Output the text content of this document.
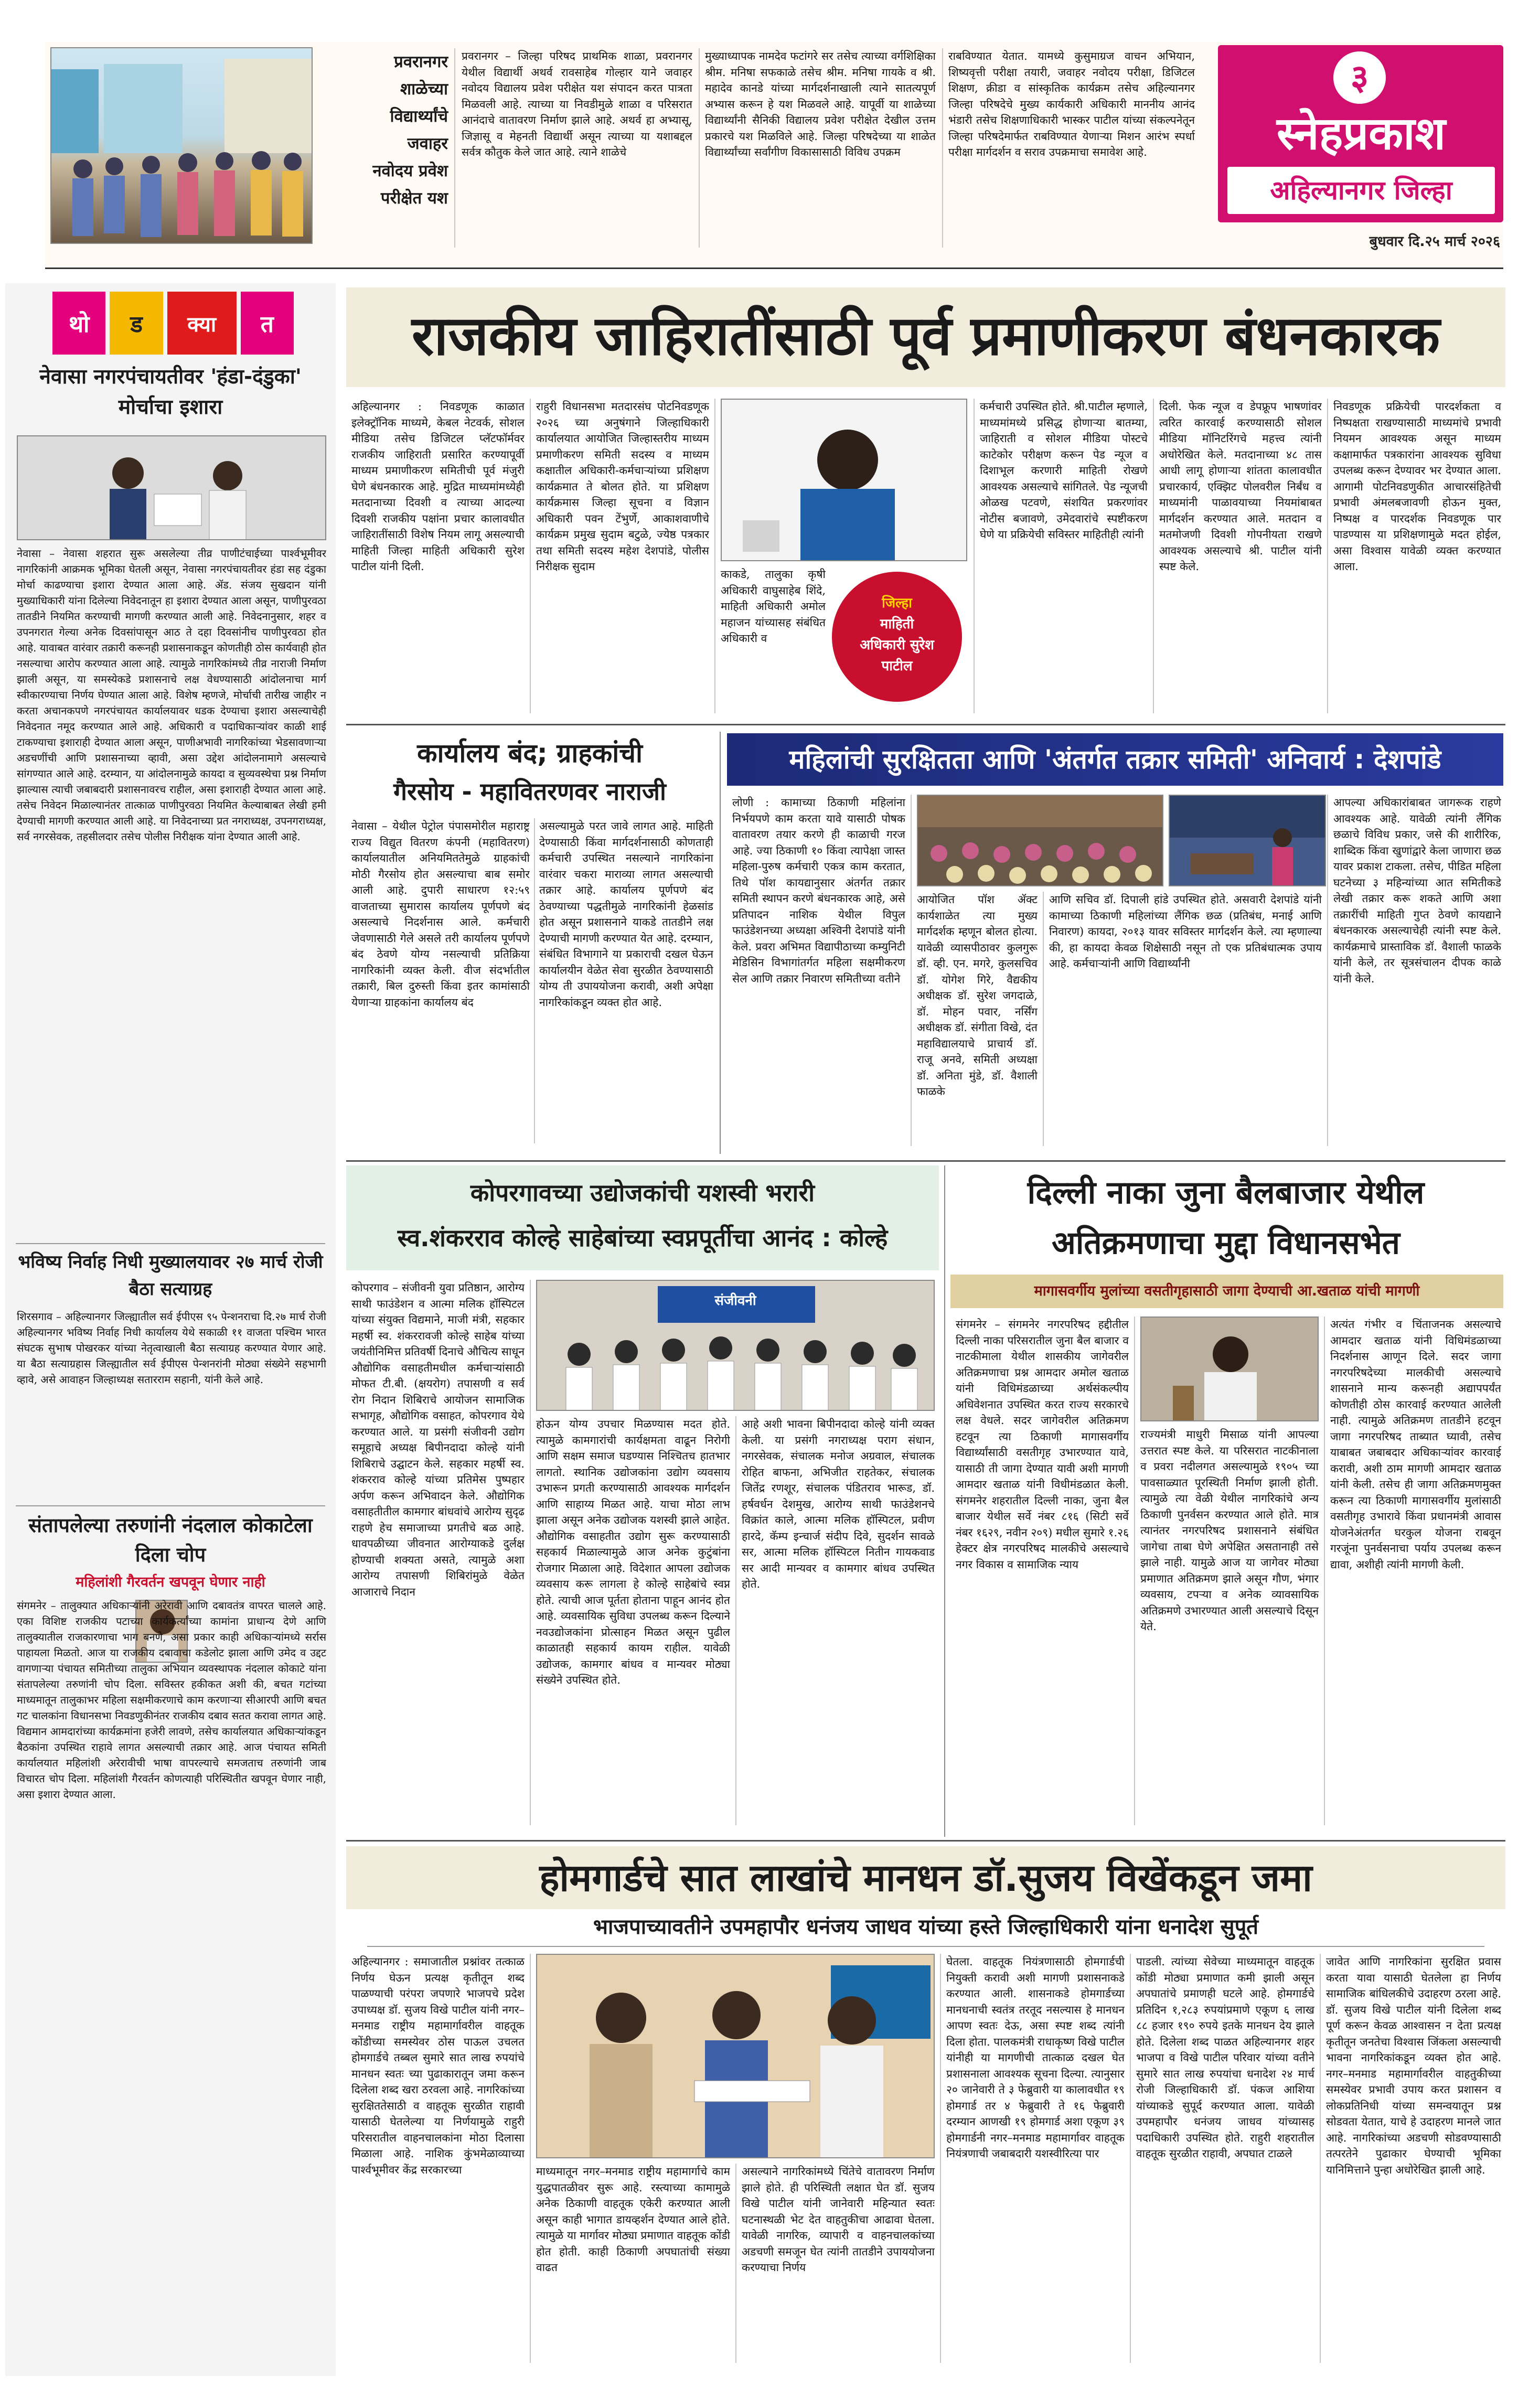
प्रवरानगर
शाळेच्या
विद्यार्थ्यांचे
जवाहर
नवोदय प्रवेश
परीक्षेत यश
प्रवरानगर – जिल्हा परिषद प्राथमिक शाळा, प्रवरानगर येथील विद्यार्थी अथर्व रावसाहेब गोल्हार याने जवाहर नवोदय विद्यालय प्रवेश परीक्षेत यश संपादन करत पात्रता मिळवली आहे. त्याच्या या निवडीमुळे शाळा व परिसरात आनंदाचे वातावरण निर्माण झाले आहे. अथर्व हा अभ्यासू, जिज्ञासू व मेहनती विद्यार्थी असून त्याच्या या यशाबद्दल सर्वत्र कौतुक केले जात आहे. त्याने शाळेचे
मुख्याध्यापक नामदेव फटांगरे सर तसेच त्याच्या वर्गशिक्षिका श्रीम. मनिषा सफकाळे तसेच श्रीम. मनिषा गायके व श्री. महादेव कानडे यांच्या मार्गदर्शनाखाली त्याने सातत्यपूर्ण अभ्यास करून हे यश मिळवले आहे. यापूर्वी या शाळेच्या विद्यार्थ्यांनी सैनिकी विद्यालय प्रवेश परीक्षेत देखील उत्तम प्रकारचे यश मिळविले आहे. जिल्हा परिषदेच्या या शाळेत विद्यार्थ्यांच्या सर्वांगीण विकासासाठी विविध उपक्रम
राबविण्यात येतात. यामध्ये कुसुमाग्रज वाचन अभियान, शिष्यवृत्ती परीक्षा तयारी, जवाहर नवोदय परीक्षा, डिजिटल शिक्षण, क्रीडा व सांस्कृतिक कार्यक्रम तसेच अहिल्यानगर जिल्हा परिषदेचे मुख्य कार्यकारी अधिकारी माननीय आनंद भंडारी तसेच शिक्षणाधिकारी भास्कर पाटील यांच्या संकल्पनेतून जिल्हा परिषदेमार्फत राबविण्यात येणाऱ्या मिशन आरंभ स्पर्धा परीक्षा मार्गदर्शन व सराव उपक्रमाचा समावेश आहे.
३
स्नेहप्रकाश
अहिल्यानगर जिल्हा
बुधवार दि.२५ मार्च २०२६
थो ड क्या त
नेवासा नगरपंचायतीवर 'हंडा-दंडुका' मोर्चाचा इशारा
नेवासा – नेवासा शहरात सुरू असलेल्या तीव्र पाणीटंचाईच्या पार्श्वभूमीवर नागरिकांनी आक्रमक भूमिका घेतली असून, नेवासा नगरपंचायतीवर हंडा सह दंडुका मोर्चा काढण्याचा इशारा देण्यात आला आहे. ॲड. संजय सुखदान यांनी मुख्याधिकारी यांना दिलेल्या निवेदनातून हा इशारा देण्यात आला असून, पाणीपुरवठा तातडीने नियमित करण्याची मागणी करण्यात आली आहे. निवेदनानुसार, शहर व उपनगरात गेल्या अनेक दिवसांपासून आठ ते दहा दिवसांनीच पाणीपुरवठा होत आहे. यावाबत वारंवार तक्रारी करूनही प्रशासनाकडून कोणतीही ठोस कार्यवाही होत नसल्याचा आरोप करण्यात आला आहे. त्यामुळे नागरिकांमध्ये तीव्र नाराजी निर्माण झाली असून, या समस्येकडे प्रशासनाचे लक्ष वेधण्यासाठी आंदोलनाचा मार्ग स्वीकारण्याचा निर्णय घेण्यात आला आहे. विशेष म्हणजे, मोर्चाची तारीख जाहीर न करता अचानकपणे नगरपंचायत कार्यालयावर धडक देण्याचा इशारा असल्याचेही निवेदनात नमूद करण्यात आले आहे. अधिकारी व पदाधिकाऱ्यांवर काळी शाई टाकण्याचा इशाराही देण्यात आला असून, पाणीअभावी नागरिकांच्या भेडसावणाऱ्या अडचणींची आणि प्रशासनाच्या व्हावी, असा उद्देश आंदोलनामागे असल्याचे सांगण्यात आले आहे. दरम्यान, या आंदोलनामुळे कायदा व सुव्यवस्थेचा प्रश्न निर्माण झाल्यास त्याची जबाबदारी प्रशासनावरच राहील, असा इशाराही देण्यात आला आहे. तसेच निवेदन मिळाल्यानंतर तात्काळ पाणीपुरवठा नियमित केल्याबाबत लेखी हमी देण्याची मागणी करण्यात आली आहे. या निवेदनाच्या प्रत नगराध्यक्ष, उपनगराध्यक्ष, सर्व नगरसेवक, तहसीलदार तसेच पोलीस निरीक्षक यांना देण्यात आली आहे.
भविष्य निर्वाह निधी मुख्यालयावर २७ मार्च रोजी बैठा सत्याग्रह
शिरसगाव – अहिल्यानगर जिल्ह्यातील सर्व ईपीएस ९५ पेन्शनराचा दि.२७ मार्च रोजी अहिल्यानगर भविष्य निर्वाह निधी कार्यालय येथे सकाळी ११ वाजता पश्चिम भारत संघटक सुभाष पोखरकर यांच्या नेतृत्वाखाली बैठा सत्याग्रह करण्यात येणार आहे. या बैठा सत्याग्रहास जिल्ह्यातील सर्व ईपीएस पेन्शनरांनी मोठ्या संख्येने सहभागी व्हावे, असे आवाहन जिल्हाध्यक्ष सतारराम सहानी, यांनी केले आहे.
संतापलेल्या तरुणांनी नंदलाल कोकाटेला दिला चोप
महिलांशी गैरवर्तन खपवून घेणार नाही
संगमनेर – तालुक्यात अधिकाऱ्यांनी अरेरावी आणि दबावतंत्र वापरत चालले आहे. एका विशिष्ट राजकीय पटाच्या कार्यकर्त्यांच्या कामांना प्राधान्य देणे आणि तालुक्यातील राजकारणाचा भाग बनणे, असा प्रकार काही अधिकाऱ्यांमध्ये सर्रास पाहायला मिळतो. आज या राजकीय दबावाचा कडेलोट झाला आणि उमेद व उद्दट वागणाऱ्या पंचायत समितीच्या तालुका अभियान व्यवस्थापक नंदलाल कोकाटे यांना संतापलेल्या तरुणांनी चोप दिला. सविस्तर हकीकत अशी की, बचत गटांच्या माध्यमातून तालुकाभर महिला सक्षमीकरणाचे काम करणाऱ्या सीआरपी आणि बचत गट चालकांना विधानसभा निवडणुकीनंतर राजकीय दबाव सतत करावा लागत आहे. विद्यमान आमदारांच्या कार्यक्रमांना हजेरी लावणे, तसेच कार्यालयात अधिकाऱ्यांकडून बैठकांना उपस्थित राहावे लागत असल्याची तक्रार आहे. आज पंचायत समिती कार्यालयात महिलांशी अरेरावीची भाषा वापरल्याचे समजताच तरुणांनी जाब विचारत चोप दिला. महिलांशी गैरवर्तन कोणत्याही परिस्थितीत खपवून घेणार नाही, असा इशारा देण्यात आला.
राजकीय जाहिरातींसाठी पूर्व प्रमाणीकरण बंधनकारक
अहिल्यानगर : निवडणूक काळात इलेक्ट्रॉनिक माध्यमे, केबल नेटवर्क, सोशल मीडिया तसेच डिजिटल प्लॅटफॉर्मवर राजकीय जाहिराती प्रसारित करण्यापूर्वी माध्यम प्रमाणीकरण समितीची पूर्व मंजुरी घेणे बंधनकारक आहे. मुद्रित माध्यमांमध्येही मतदानाच्या दिवशी व त्याच्या आदल्या दिवशी राजकीय पक्षांना प्रचार कालावधीत जाहिरातींसाठी विशेष नियम लागू असल्याची माहिती जिल्हा माहिती अधिकारी सुरेश पाटील यांनी दिली.
राहुरी विधानसभा मतदारसंघ पोटनिवडणूक २०२६ च्या अनुषंगाने जिल्हाधिकारी कार्यालयात आयोजित जिल्हास्तरीय माध्यम प्रमाणीकरण समिती सदस्य व माध्यम कक्षातील अधिकारी-कर्मचाऱ्यांच्या प्रशिक्षण कार्यक्रमात ते बोलत होते. या प्रशिक्षण कार्यक्रमास जिल्हा सूचना व विज्ञान अधिकारी पवन टेंभुर्णे, आकाशवाणीचे कार्यक्रम प्रमुख सुदाम बटुळे, ज्येष्ठ पत्रकार तथा समिती सदस्य महेश देशपांडे, पोलीस निरीक्षक सुदाम
काकडे, तालुका कृषी अधिकारी वाघुसाहेब शिंदे, माहिती अधिकारी अमोल महाजन यांच्यासह संबंधित अधिकारी व
जिल्हा
माहिती
अधिकारी सुरेश
पाटील
कर्मचारी उपस्थित होते. श्री.पाटील म्हणाले, माध्यमांमध्ये प्रसिद्ध होणाऱ्या बातम्या, जाहिराती व सोशल मीडिया पोस्टचे काटेकोर परीक्षण करून पेड न्यूज व दिशाभूल करणारी माहिती रोखणे आवश्यक असल्याचे सांगितले. पेड न्यूजची ओळख पटवणे, संशयित प्रकरणांवर नोटीस बजावणे, उमेदवारांचे स्पष्टीकरण घेणे या प्रक्रियेची सविस्तर माहितीही त्यांनी
दिली. फेक न्यूज व डेपफ्रूप भाषणांवर त्वरित कारवाई करण्यासाठी सोशल मीडिया मॉनिटरिंगचे महत्त्व त्यांनी अधोरेखित केले. मतदानाच्या ४८ तास आधी लागू होणाऱ्या शांतता कालावधीत प्रचारकार्य, एक्झिट पोलवरील निर्बंध व माध्यमांनी पाळावयाच्या नियमांबाबत मार्गदर्शन करण्यात आले. मतदान व मतमोजणी दिवशी गोपनीयता राखणे आवश्यक असल्याचे श्री. पाटील यांनी स्पष्ट केले.
निवडणूक प्रक्रियेची पारदर्शकता व निष्पक्षता राखण्यासाठी माध्यमांचे प्रभावी नियमन आवश्यक असून माध्यम कक्षामार्फत पत्रकारांना आवश्यक सुविधा उपलब्ध करून देण्यावर भर देण्यात आला. आगामी पोटनिवडणुकीत आचारसंहितेची प्रभावी अंमलबजावणी होऊन मुक्त, निष्पक्ष व पारदर्शक निवडणूक पार पाडण्यास या प्रशिक्षणामुळे मदत होईल, असा विश्वास यावेळी व्यक्त करण्यात आला.
कार्यालय बंद; ग्राहकांची
गैरसोय - महावितरणवर नाराजी
नेवासा – येथील पेट्रोल पंपासमोरील महाराष्ट्र राज्य विद्युत वितरण कंपनी (महावितरण) कार्यालयातील अनियमिततेमुळे ग्राहकांची मोठी गैरसोय होत असल्याचा बाब समोर आली आहे. दुपारी साधारण १२:५९ वाजताच्या सुमारास कार्यालय पूर्णपणे बंद असल्याचे निदर्शनास आले. कर्मचारी जेवणासाठी गेले असले तरी कार्यालय पूर्णपणे बंद ठेवणे योग्य नसल्याची प्रतिक्रिया नागरिकांनी व्यक्त केली. वीज संदर्भातील तक्रारी, बिल दुरुस्ती किंवा इतर कामांसाठी येणाऱ्या ग्राहकांना कार्यालय बंद
असल्यामुळे परत जावे लागत आहे. माहिती देण्यासाठी किंवा मार्गदर्शनासाठी कोणताही कर्मचारी उपस्थित नसल्याने नागरिकांना वारंवार चकरा माराव्या लागत असल्याची तक्रार आहे. कार्यालय पूर्णपणे बंद ठेवण्याच्या पद्धतीमुळे नागरिकांनी हेळसांड होत असून प्रशासनाने याकडे तातडीने लक्ष देण्याची मागणी करण्यात येत आहे. दरम्यान, संबंधित विभागाने या प्रकाराची दखल घेऊन कार्यालयीन वेळेत सेवा सुरळीत ठेवण्यासाठी योग्य ती उपाययोजना करावी, अशी अपेक्षा नागरिकांकडून व्यक्त होत आहे.
महिलांची सुरक्षितता आणि 'अंतर्गत तक्रार समिती' अनिवार्य : देशपांडे
लोणी : कामाच्या ठिकाणी महिलांना निर्भयपणे काम करता यावे यासाठी पोषक वातावरण तयार करणे ही काळाची गरज आहे. ज्या ठिकाणी १० किंवा त्यापेक्षा जास्त महिला-पुरुष कर्मचारी एकत्र काम करतात, तिथे पॉश कायद्यानुसार अंतर्गत तक्रार समिती स्थापन करणे बंधनकारक आहे, असे प्रतिपादन नाशिक येथील विपुल फाउंडेशनच्या अध्यक्षा अश्विनी देशपांडे यांनी केले. प्रवरा अभिमत विद्यापीठाच्या कम्युनिटी मेडिसिन विभागांतर्गत महिला सक्षमीकरण सेल आणि तक्रार निवारण समितीच्या वतीने
आयोजित पॉश ॲक्ट कार्यशाळेत त्या मुख्य मार्गदर्शक म्हणून बोलत होत्या. यावेळी व्यासपीठावर कुलगुरू डॉ. व्ही. एन. मगरे, कुलसचिव डॉ. योगेश गिरे, वैद्यकीय अधीक्षक डॉ. सुरेश जगदाळे, डॉ. मोहन पवार, नर्सिंग अधीक्षक डॉ. संगीता विखे, दंत महाविद्यालयाचे प्राचार्य डॉ. राजू अनवे, समिती अध्यक्षा डॉ. अनिता मुंडे, डॉ. वैशाली फाळके
आणि सचिव डॉ. दिपाली हांडे उपस्थित होते. असवारी देशपांडे यांनी कामाच्या ठिकाणी महिलांच्या लैंगिक छळ (प्रतिबंध, मनाई आणि निवारण) कायदा, २०१३ यावर सविस्तर मार्गदर्शन केले. त्या म्हणाल्या की, हा कायदा केवळ शिक्षेसाठी नसून तो एक प्रतिबंधात्मक उपाय आहे. कर्मचाऱ्यांनी आणि विद्यार्थ्यांनी
आपल्या अधिकारांबाबत जागरूक राहणे आवश्यक आहे. यावेळी त्यांनी लैंगिक छळाचे विविध प्रकार, जसे की शारीरिक, शाब्दिक किंवा खुणांद्वारे केला जाणारा छळ यावर प्रकाश टाकला. तसेच, पीडित महिला घटनेच्या ३ महिन्यांच्या आत समितीकडे लेखी तक्रार करू शकते आणि अशा तक्रारींची माहिती गुप्त ठेवणे कायद्याने बंधनकारक असल्याचेही त्यांनी स्पष्ट केले. कार्यक्रमाचे प्रास्ताविक डॉ. वैशाली फाळके यांनी केले, तर सूत्रसंचालन दीपक काळे यांनी केले.
कोपरगावच्या उद्योजकांची यशस्वी भरारी
स्व.शंकरराव कोल्हे साहेबांच्या स्वप्नपूर्तीचा आनंद : कोल्हे
कोपरगाव – संजीवनी युवा प्रतिष्ठान, आरोग्य साथी फाउंडेशन व आत्मा मलिक हॉस्पिटल यांच्या संयुक्त विद्यमाने, माजी मंत्री, सहकार महर्षी स्व. शंकररावजी कोल्हे साहेब यांच्या जयंतीनिमित्त प्रतिवर्षी दिनाचे औचित्य साधून औद्योगिक वसाहतीमधील कर्मचाऱ्यांसाठी मोफत टी.बी. (क्षयरोग) तपासणी व सर्व रोग निदान शिबिराचे आयोजन सामाजिक सभागृह, औद्योगिक वसाहत, कोपरगाव येथे करण्यात आले. या प्रसंगी संजीवनी उद्योग समूहाचे अध्यक्ष बिपीनदादा कोल्हे यांनी शिबिराचे उद्घाटन केले. सहकार महर्षी स्व. शंकरराव कोल्हे यांच्या प्रतिमेस पुष्पहार अर्पण करून अभिवादन केले. औद्योगिक वसाहतीतील कामगार बांधवांचे आरोग्य सुदृढ राहणे हेच समाजाच्या प्रगतीचे बळ आहे. धावपळीच्या जीवनात आरोग्याकडे दुर्लक्ष होण्याची शक्यता असते, त्यामुळे अशा आरोग्य तपासणी शिबिरांमुळे वेळेत आजाराचे निदान
संजीवनी
होऊन योग्य उपचार मिळण्यास मदत होते. त्यामुळे कामगारांची कार्यक्षमता वाढून निरोगी आणि सक्षम समाज घडण्यास निश्चितच हातभार लागतो. स्थानिक उद्योजकांना उद्योग व्यवसाय उभारून प्रगती करण्यासाठी आवश्यक मार्गदर्शन आणि साहाय्य मिळत आहे. याचा मोठा लाभ झाला असून अनेक उद्योजक यशस्वी झाले आहेत. औद्योगिक वसाहतीत उद्योग सुरू करण्यासाठी सहकार्य मिळाल्यामुळे आज अनेक कुटुंबांना रोजगार मिळाला आहे. विदेशात आपला उद्योजक व्यवसाय करू लागला हे कोल्हे साहेबांचे स्वप्न होते. त्याची आज पूर्तता होताना पाहून आनंद होत आहे. व्यवसायिक सुविधा उपलब्ध करून दिल्याने नवउद्योजकांना प्रोत्साहन मिळत असून पुढील काळातही सहकार्य कायम राहील. यावेळी उद्योजक, कामगार बांधव व मान्यवर मोठ्या संख्येने उपस्थित होते.
आहे अशी भावना बिपीनदादा कोल्हे यांनी व्यक्त केली. या प्रसंगी नगराध्यक्ष पराग संधान, नगरसेवक, संचालक मनोज अग्रवाल, संचालक रोहित बाफना, अभिजीत राहतेकर, संचालक जितेंद्र रणशूर, संचालक पंडितराव भारूड, डॉ. हर्षवर्धन देशमुख, आरोग्य साथी फाउंडेशनचे विक्रांत काले, आत्मा मलिक हॉस्पिटल, प्रवीण हारदे, कॅम्प इन्चार्ज संदीप दिवे, सुदर्शन सावळे सर, आत्मा मलिक हॉस्पिटल नितीन गायकवाड सर आदी मान्यवर व कामगार बांधव उपस्थित होते.
दिल्ली नाका जुना बैलबाजार येथील
अतिक्रमणाचा मुद्दा विधानसभेत
मागासवर्गीय मुलांच्या वसतीगृहासाठी जागा देण्याची आ.खताळ यांची मागणी
संगमनेर – संगमनेर नगरपरिषद हद्दीतील दिल्ली नाका परिसरातील जुना बैल बाजार व नाटकीमाला येथील शासकीय जागेवरील अतिक्रमणाचा प्रश्न आमदार अमोल खताळ यांनी विधिमंडळाच्या अर्थसंकल्पीय अधिवेशनात उपस्थित करत राज्य सरकारचे लक्ष वेधले. सदर जागेवरील अतिक्रमण हटवून त्या ठिकाणी मागासवर्गीय विद्यार्थ्यांसाठी वसतीगृह उभारण्यात यावे, यासाठी ती जागा देण्यात यावी अशी मागणी आमदार खताळ यांनी विधीमंडळात केली. संगमनेर शहरातील दिल्ली नाका, जुना बैल बाजार येथील सर्वे नंबर ८१६ (सिटी सर्वे नंबर १६२९, नवीन २०९) मधील सुमारे १.२६ हेक्टर क्षेत्र नगरपरिषद मालकीचे असल्याचे नगर विकास व सामाजिक न्याय
राज्यमंत्री माधुरी मिसाळ यांनी आपल्या उत्तरात स्पष्ट केले. या परिसरात नाटकीनाला व प्रवरा नदीलगत असल्यामुळे १९०५ च्या पावसाळ्यात पूरस्थिती निर्माण झाली होती. त्यामुळे त्या वेळी येथील नागरिकांचे अन्य ठिकाणी पुनर्वसन करण्यात आले होते. मात्र त्यानंतर नगरपरिषद प्रशासनाने संबंधित जागेचा ताबा घेणे अपेक्षित असतानाही तसे झाले नाही. यामुळे आज या जागेवर मोठ्या प्रमाणात अतिक्रमण झाले असून गौण, भंगार व्यवसाय, टपऱ्या व अनेक व्यावसायिक अतिक्रमणे उभारण्यात आली असल्याचे दिसून येते.
अत्यंत गंभीर व चिंताजनक असल्याचे आमदार खताळ यांनी विधिमंडळाच्या निदर्शनास आणून दिले. सदर जागा नगरपरिषदेच्या मालकीची असल्याचे शासनाने मान्य करूनही अद्यापपर्यंत कोणतीही ठोस कारवाई करण्यात आलेली नाही. त्यामुळे अतिक्रमण तातडीने हटवून जागा नगरपरिषद ताब्यात घ्यावी, तसेच याबाबत जबाबदार अधिकाऱ्यांवर कारवाई करावी, अशी ठाम मागणी आमदार खताळ यांनी केली. तसेच ही जागा अतिक्रमणमुक्त करून त्या ठिकाणी मागासवर्गीय मुलांसाठी वसतीगृह उभारावे किंवा प्रधानमंत्री आवास योजनेअंतर्गत घरकुल योजना राबवून गरजूंना पुनर्वसनाचा पर्याय उपलब्ध करून द्यावा, अशीही त्यांनी मागणी केली.
होमगार्डचे सात लाखांचे मानधन डॉ.सुजय विखेंकडून जमा
भाजपाच्यावतीने उपमहापौर धनंजय जाधव यांच्या हस्ते जिल्हाधिकारी यांना धनादेश सुपूर्त
अहिल्यानगर : समाजातील प्रश्नांवर तत्काळ निर्णय घेऊन प्रत्यक्ष कृतीतून शब्द पाळण्याची परंपरा जपणारे भाजपचे प्रदेश उपाध्यक्ष डॉ. सुजय विखे पाटील यांनी नगर–मनमाड राष्ट्रीय महामार्गावरील वाहतूक कोंडीच्या समस्येवर ठोस पाऊल उचलत होमगार्डचे तब्बल सुमारे सात लाख रुपयांचे मानधन स्वतः च्या पुढाकारातून जमा करून दिलेला शब्द खरा ठरवला आहे. नागरिकांच्या सुरक्षिततेसाठी व वाहतूक सुरळीत राहावी यासाठी घेतलेल्या या निर्णयामुळे राहुरी परिसरातील वाहनचालकांना मोठा दिलासा मिळाला आहे. नाशिक कुंभमेळाव्याच्या पार्श्वभूमीवर केंद्र सरकारच्या	माध्यमातून नगर–मनमाड राष्ट्रीय महामार्गाचे काम युद्धपातळीवर सुरू आहे. रस्त्याच्या कामामुळे अनेक ठिकाणी वाहतूक एकेरी करण्यात आली असून काही भागात डायव्हर्शन देण्यात आले होते. त्यामुळे या मार्गावर मोठ्या प्रमाणात वाहतूक कोंडी होत होती. काही ठिकाणी अपघातांची संख्या वाढत
असल्याने नागरिकांमध्ये चिंतेचे वातावरण निर्माण झाले होते. ही परिस्थिती लक्षात घेत डॉ. सुजय विखे पाटील यांनी जानेवारी महिन्यात स्वतः घटनास्थळी भेट देत वाहतुकीचा आढावा घेतला. यावेळी नागरिक, व्यापारी व वाहनचालकांच्या अडचणी समजून घेत त्यांनी तातडीने उपाययोजना करण्याचा निर्णय
घेतला. वाहतूक नियंत्रणासाठी होमगार्डची नियुक्ती करावी अशी मागणी प्रशासनाकडे करण्यात आली. शासनाकडे होमगार्डच्या मानधनाची स्वतंत्र तरतूद नसल्यास हे मानधन आपण स्वतः देऊ, असा स्पष्ट शब्द त्यांनी दिला होता. पालकमंत्री राधाकृष्ण विखे पाटील यांनीही या मागणीची तात्काळ दखल घेत प्रशासनाला आवश्यक सूचना दिल्या. त्यानुसार २० जानेवारी ते ३ फेब्रुवारी या कालावधीत १९ होमगार्ड तर ४ फेब्रुवारी ते १६ फेब्रुवारी दरम्यान आणखी १९ होमगार्ड अशा एकूण ३९ होमगार्डनी नगर–मनमाड महामार्गावर वाहतूक नियंत्रणाची जबाबदारी यशस्वीरित्या पार
पाडली. त्यांच्या सेवेच्या माध्यमातून वाहतूक कोंडी मोठ्या प्रमाणात कमी झाली असून अपघातांचे प्रमाणही घटले आहे. होमगार्डचे प्रतिदिन १,२८३ रुपयांप्रमाणे एकूण ६ लाख ८८ हजार १९० रुपये इतके मानधन देय झाले होते. दिलेला शब्द पाळत अहिल्यानगर शहर भाजपा व विखे पाटील परिवार यांच्या वतीने सुमारे सात लाख रुपयांचा धनादेश २४ मार्च रोजी जिल्हाधिकारी डॉ. पंकज आशिया यांच्याकडे सुपूर्द करण्यात आला. यावेळी उपमहापौर धनंजय जाधव यांच्यासह पदाधिकारी उपस्थित होते. राहुरी शहरातील वाहतूक सुरळीत राहावी, अपघात टाळले
जावेत आणि नागरिकांना सुरक्षित प्रवास करता यावा यासाठी घेतलेला हा निर्णय सामाजिक बांधिलकीचे उदाहरण ठरला आहे. डॉ. सुजय विखे पाटील यांनी दिलेला शब्द पूर्ण करून केवळ आश्वासन न देता प्रत्यक्ष कृतीतून जनतेचा विश्वास जिंकला असल्याची भावना नागरिकांकडून व्यक्त होत आहे. नगर–मनमाड महामार्गावरील वाहतुकीच्या समस्येवर प्रभावी उपाय करत प्रशासन व लोकप्रतिनिधी यांच्या समन्वयातून प्रश्न सोडवता येतात, याचे हे उदाहरण मानले जात आहे. नागरिकांच्या अडचणी सोडवण्यासाठी तत्परतेने पुढाकार घेण्याची भूमिका यानिमित्ताने पुन्हा अधोरेखित झाली आहे.
